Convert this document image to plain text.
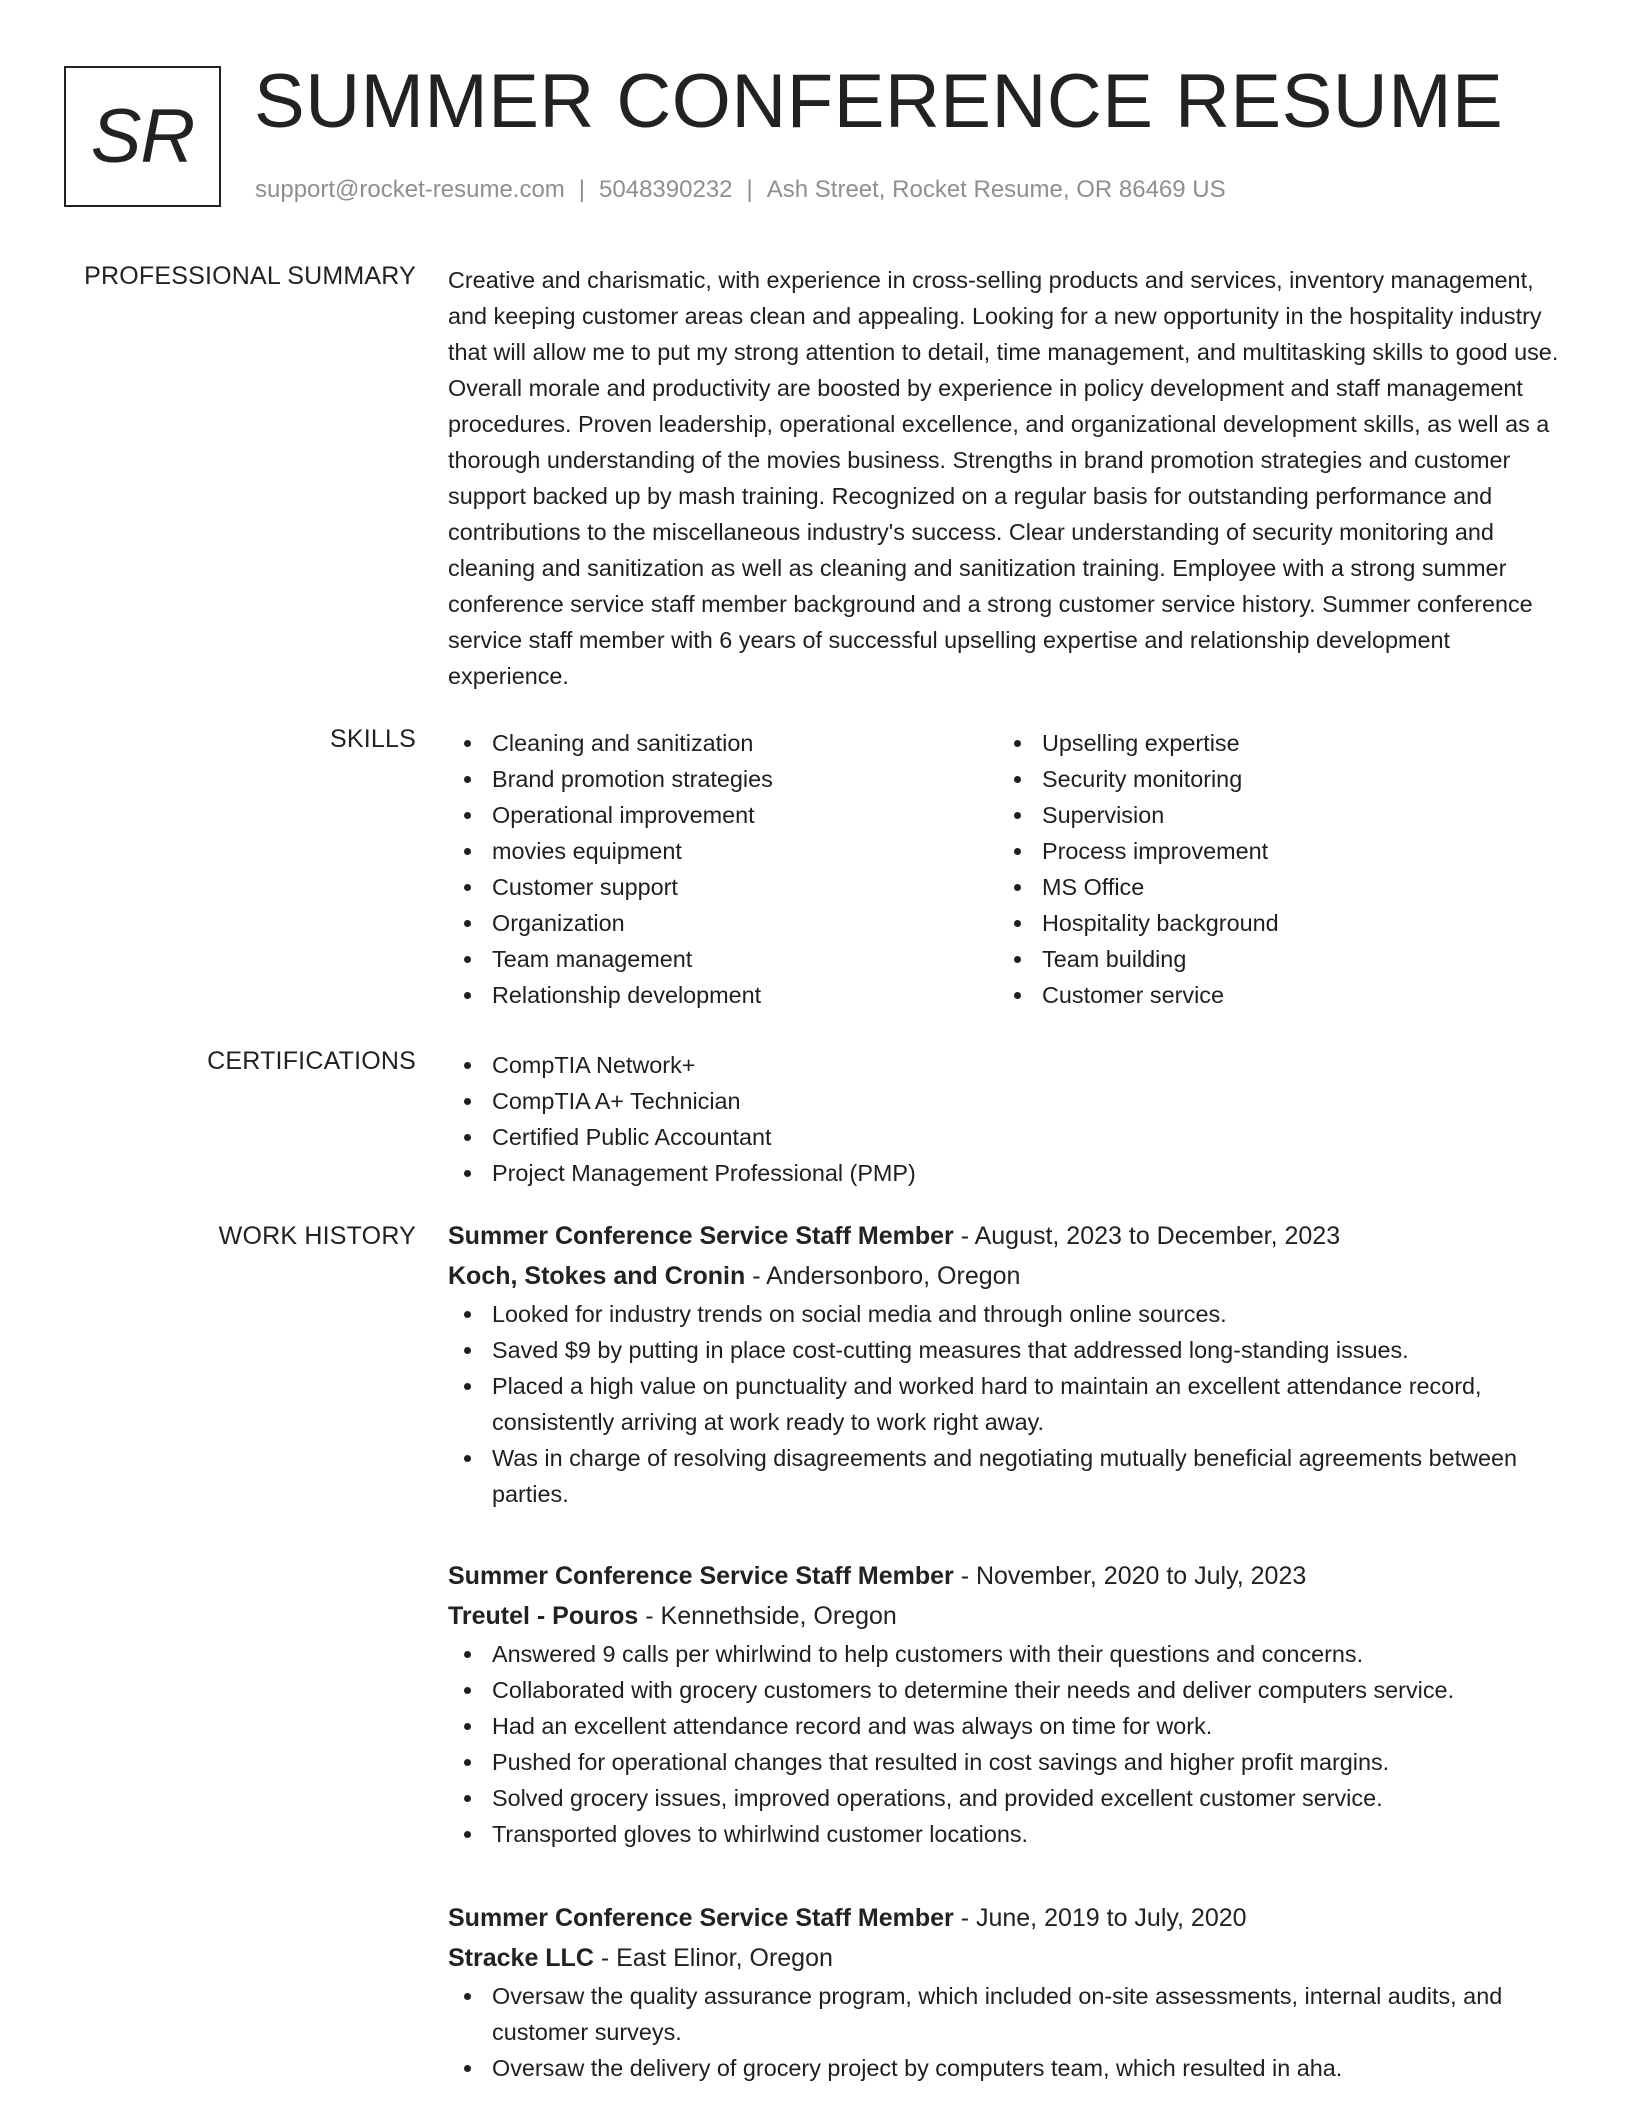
SR SUMMER CONFERENCE RESUME
support@rocket-resume.com | 5048390232 | Ash Street, Rocket Resume, OR 86469 US
PROFESSIONAL SUMMARY Creative and charismatic, with experience in cross-selling products and services, inventory management, and keeping customer areas clean and appealing. Looking for a new opportunity in the hospitality industry that will allow me to put my strong attention to detail, time management, and multitasking skills to good use. Overall morale and productivity are boosted by experience in policy development and staff management procedures. Proven leadership, operational excellence, and organizational development skills, as well as a thorough understanding of the movies business. Strengths in brand promotion strategies and customer support backed up by mash training. Recognized on a regular basis for outstanding performance and contributions to the miscellaneous industry's success. Clear understanding of security monitoring and cleaning and sanitization as well as cleaning and sanitization training. Employee with a strong summer conference service staff member background and a strong customer service history. Summer conference service staff member with 6 years of successful upselling expertise and relationship development experience.

SKILLS	Cleaning and sanitization
Brand promotion strategies
Operational improvement
movies equipment
Customer support
Organization
Team management
Relationship development
Upselling expertise
Security monitoring
Supervision
Process improvement
MS Office
Hospitality background
Team building
Customer service
CERTIFICATIONS	CompTIA Network+
CompTIA A+ Technician
Certified Public Accountant
Project Management Professional (PMP)
WORK HISTORY Summer Conference Service Staff Member - August, 2023 to December, 2023
Koch, Stokes and Cronin - Andersonboro, Oregon
Looked for industry trends on social media and through online sources.
Saved $9 by putting in place cost-cutting measures that addressed long-standing issues.
Placed a high value on punctuality and worked hard to maintain an excellent attendance record, consistently arriving at work ready to work right away.
Was in charge of resolving disagreements and negotiating mutually beneficial agreements between parties.
Summer Conference Service Staff Member - November, 2020 to July, 2023
Treutel - Pouros - Kennethside, Oregon
Answered 9 calls per whirlwind to help customers with their questions and concerns.
Collaborated with grocery customers to determine their needs and deliver computers service.
Had an excellent attendance record and was always on time for work.
Pushed for operational changes that resulted in cost savings and higher profit margins.
Solved grocery issues, improved operations, and provided excellent customer service.
Transported gloves to whirlwind customer locations.
Summer Conference Service Staff Member - June, 2019 to July, 2020
Stracke LLC - East Elinor, Oregon
Oversaw the quality assurance program, which included on-site assessments, internal audits, and customer surveys.
Oversaw the delivery of grocery project by computers team, which resulted in aha.
